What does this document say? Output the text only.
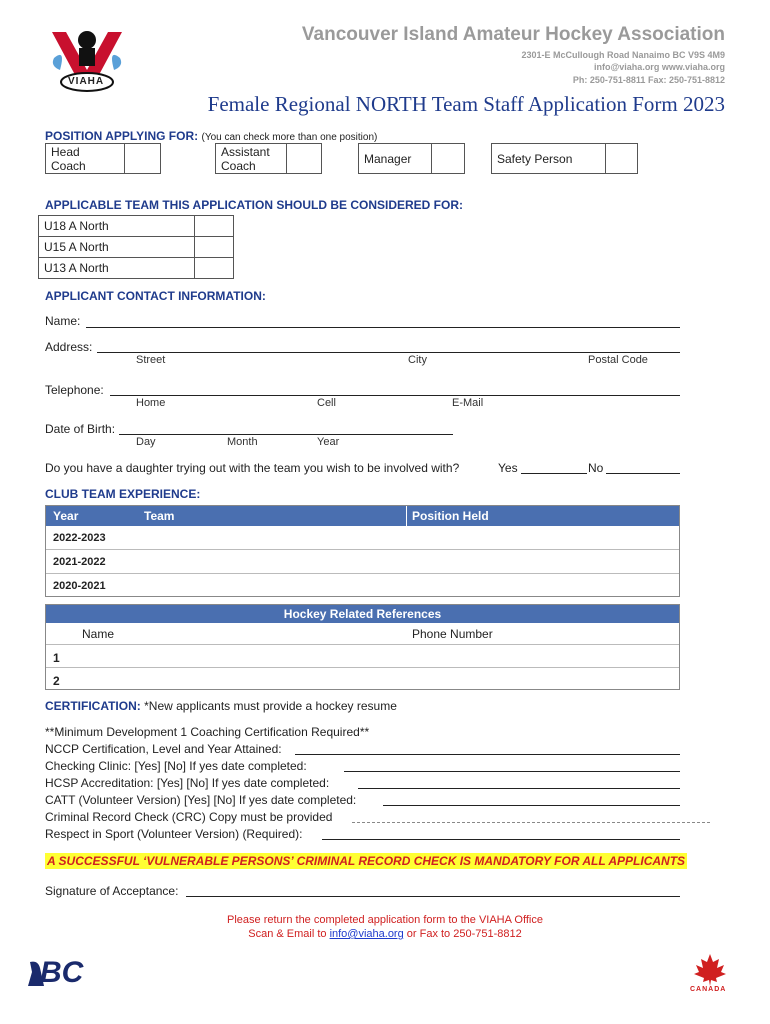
VIAHA
Vancouver Island Amateur Hockey Association
2301-E McCullough Road Nanaimo BC V9S 4M9
info@viaha.org www.viaha.org
Ph: 250-751-8811 Fax: 250-751-8812
Female Regional NORTH Team Staff Application Form 2023
POSITION APPLYING FOR: (You can check more than one position)
Head Coach
Assistant Coach	Manager	Safety Person
APPLICABLE TEAM THIS APPLICATION SHOULD BE CONSIDERED FOR:
U18 A North	
U15 A North	
U13 A North	
APPLICANT CONTACT INFORMATION:
Name:
Address:
Street	City	Postal Code
Telephone:
Home	Cell	E-Mail
Date of Birth:
Day	Month	Year
Do you have a daughter trying out with the team you wish to be involved with?	Yes	No
CLUB TEAM EXPERIENCE:
Year	Team	Position Held
2022-2023
2021-2022
2020-2021
Hockey Related References
Name	Phone Number
1
2
CERTIFICATION: *New applicants must provide a hockey resume
**Minimum Development 1 Coaching Certification Required**
NCCP Certification, Level and Year Attained:
Checking Clinic: [Yes] [No] If yes date completed:
HCSP Accreditation: [Yes] [No] If yes date completed:
CATT (Volunteer Version) [Yes] [No] If yes date completed:
Criminal Record Check (CRC) Copy must be provided
Respect in Sport (Volunteer Version) (Required):
A SUCCESSFUL ‘VULNERABLE PERSONS’ CRIMINAL RECORD CHECK IS MANDATORY FOR ALL APPLICANTS
Signature of Acceptance:
Please return the completed application form to the VIAHA Office
Scan & Email to info@viaha.org or Fax to 250-751-8812
BC
CANADA
